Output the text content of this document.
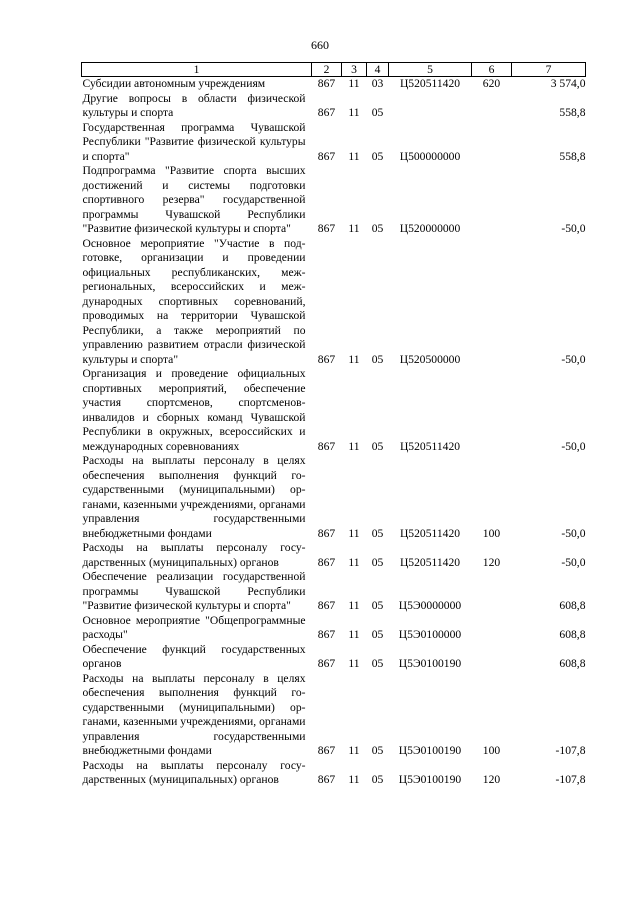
660
1	2	3	4	5	6	7
Субсидии автономным учреждениям	867	11	03	Ц520511420	620	3 574,0
Другие вопросы в области физической культуры и спорта	867	11	05			558,8
Государственная программа Чувашской Республики "Развитие физической культуры и спорта"	867	11	05	Ц500000000		558,8
Подпрограмма "Развитие спорта высших достижений и системы подготовки спортивного резерва" государственной программы Чувашской Республики "Развитие физической культуры и спорта"	867	11	05	Ц520000000		-50,0
Основное мероприятие "Участие в подготовке, организации и проведении официальных республиканских, межрегиональных, всероссийских и международных спортивных соревнований, проводимых на территории Чувашской Республики, а также мероприятий по управлению развитием отрасли физической культуры и спорта"	867	11	05	Ц520500000		-50,0
Организация и проведение официальных спортивных мероприятий, обеспечение участия спортсменов, спортсменов-инвалидов и сборных команд Чувашской Республики в окружных, всероссийских и международных соревнованиях	867	11	05	Ц520511420		-50,0
Расходы на выплаты персоналу в целях обеспечения выполнения функций государственными (муниципальными) органами, казенными учреждениями, органами управления государственными внебюджетными фондами	867	11	05	Ц520511420	100	-50,0
Расходы на выплаты персоналу государственных (муниципальных) органов	867	11	05	Ц520511420	120	-50,0
Обеспечение реализации государственной программы Чувашской Республики "Развитие физической культуры и спорта"	867	11	05	Ц5Э0000000		608,8
Основное мероприятие "Общепрограммные расходы"	867	11	05	Ц5Э0100000		608,8
Обеспечение функций государственных органов	867	11	05	Ц5Э0100190		608,8
Расходы на выплаты персоналу в целях обеспечения выполнения функций государственными (муниципальными) органами, казенными учреждениями, органами управления государственными внебюджетными фондами	867	11	05	Ц5Э0100190	100	-107,8
Расходы на выплаты персоналу государственных (муниципальных) органов	867	11	05	Ц5Э0100190	120	-107,8
